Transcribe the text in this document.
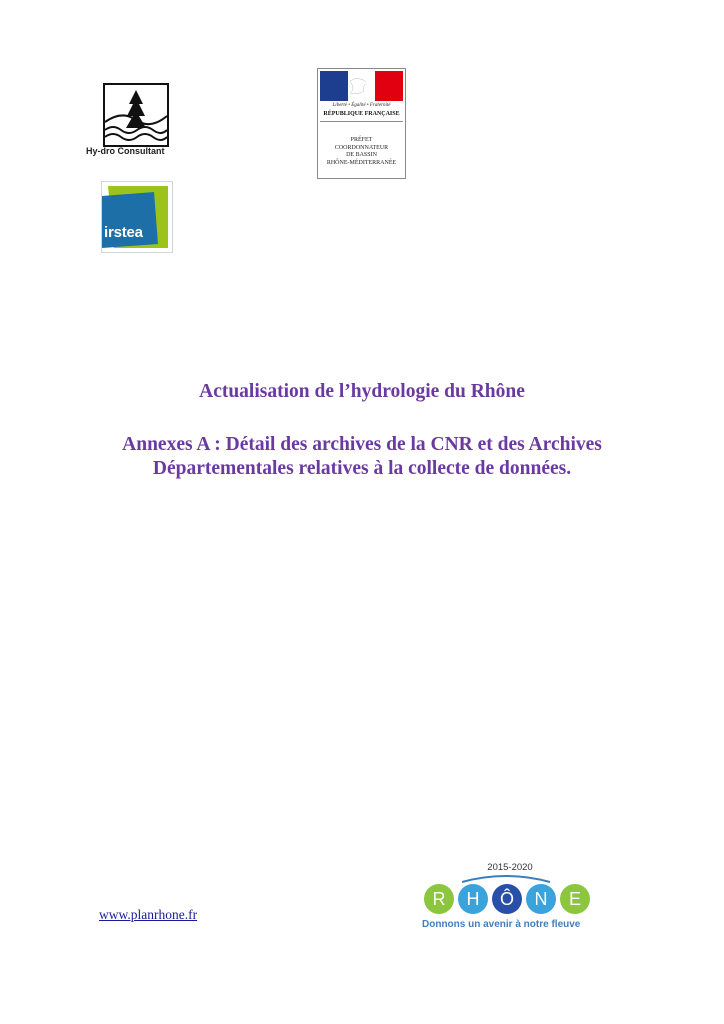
Hy-dro Consultant
irstea
Liberté • Égalité • Fraternité
RÉPUBLIQUE FRANÇAISE
PRÉFET
COORDONNATEUR
DE BASSIN
RHÔNE-MÉDITERRANÉE
Actualisation de l’hydrologie du Rhône
Annexes A : Détail des archives de la CNR et des Archives
Départementales relatives à la collecte de données.
www.planrhone.fr
2015-2020
R	H	Ô	N	E
Donnons un avenir à notre fleuve
